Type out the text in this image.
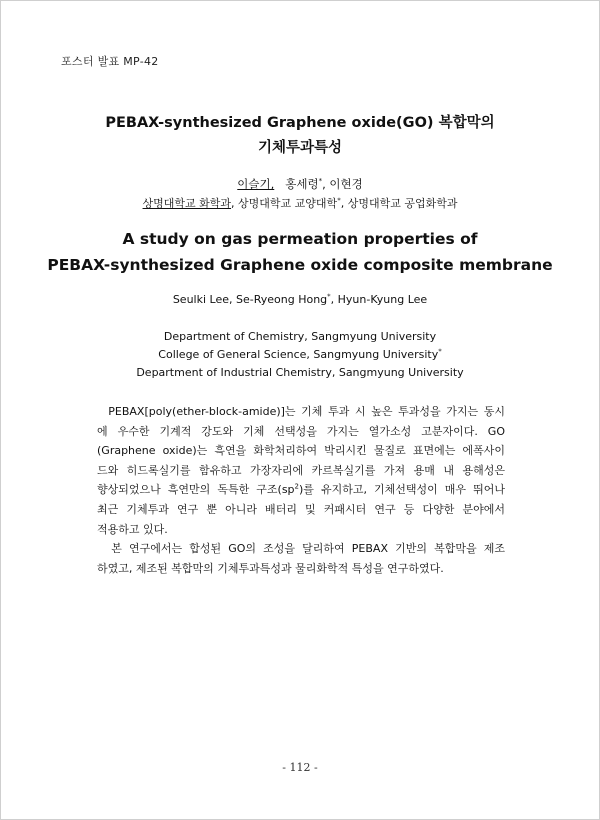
포스터 발표 MP-42
PEBAX-synthesized Graphene oxide(GO) 복합막의
기체투과특성
이슬기, 홍세령*, 이현경
상명대학교 화학과, 상명대학교 교양대학*, 상명대학교 공업화학과
A study on gas permeation properties of
PEBAX-synthesized Graphene oxide composite membrane
Seulki Lee, Se-Ryeong Hong*, Hyun-Kyung Lee
Department of Chemistry, Sangmyung University
College of General Science, Sangmyung University*
Department of Industrial Chemistry, Sangmyung University
PEBAX[poly(ether-block-amide)]는 기체 투과 시 높은 투과성을 가지는 동시
에 우수한 기계적 강도와 기체 선택성을 가지는 열가소성 고분자이다. GO
(Graphene oxide)는 흑연을 화학처리하여 박리시킨 물질로 표면에는 에폭사이
드와 히드록실기를 함유하고 가장자리에 카르복실기를 가져 용매 내 용해성은
향상되었으나 흑연만의 독특한 구조$(sp^2)$를 유지하고, 기체선택성이 매우 뛰어나
최근 기체투과 연구 뿐 아니라 배터리 및 커패시터 연구 등 다양한 분야에서
적용하고 있다.
본 연구에서는 합성된 GO의 조성을 달리하여 PEBAX 기반의 복합막을 제조
하였고, 제조된 복합막의 기체투과특성과 물리화학적 특성을 연구하였다.
- 112 -
